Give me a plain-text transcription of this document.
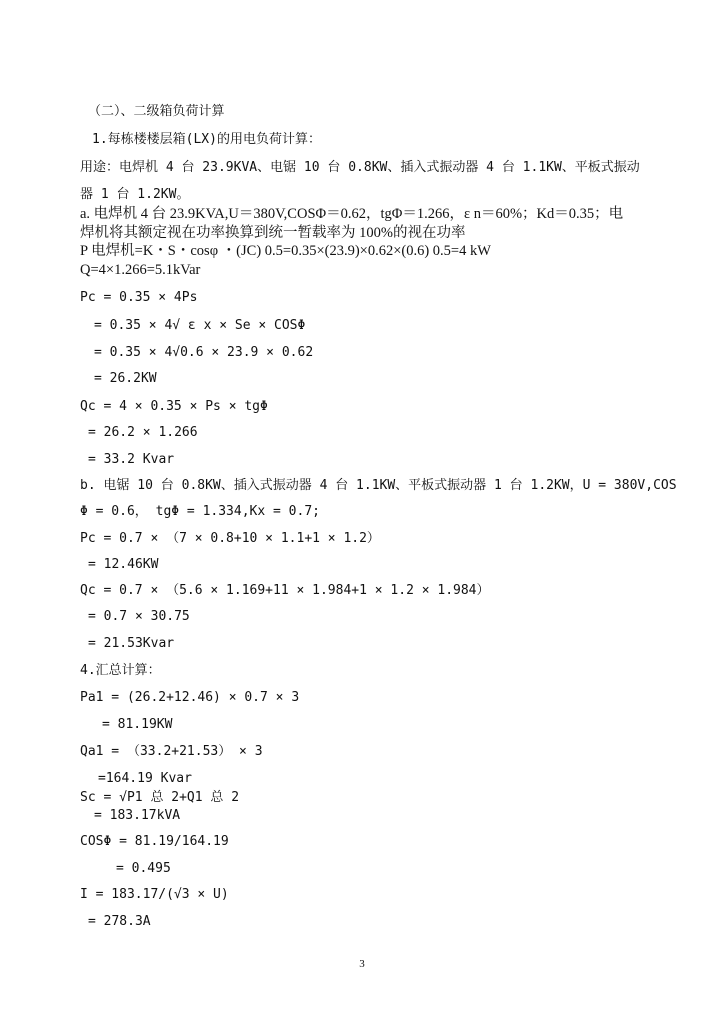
（二）、二级箱负荷计算
1.每栋楼楼层箱(LX)的用电负荷计算：
用途：电焊机 4 台 23.9KVA、电锯 10 台 0.8KW、插入式振动器 4 台 1.1KW、平板式振动
器 1 台 1.2KW。
a. 电焊机 4 台 23.9KVA,U＝380V,COSΦ＝0.62，tgΦ＝1.266，ε n＝60%；Kd＝0.35；电
焊机将其额定视在功率换算到统一暂载率为 100%的视在功率
P 电焊机=K・S・cosφ ・(JC) 0.5=0.35×(23.9)×0.62×(0.6) 0.5=4 kW
Q=4×1.266=5.1kVar
Pc = 0.35 × 4Ps
= 0.35 × 4√ ε x × Se × COSΦ
= 0.35 × 4√0.6 × 23.9 × 0.62
= 26.2KW
Qc = 4 × 0.35 × Ps × tgΦ
= 26.2 × 1.266
= 33.2 Kvar
b. 电锯 10 台 0.8KW、插入式振动器 4 台 1.1KW、平板式振动器 1 台 1.2KW，U = 380V,COS
Φ = 0.6， tgΦ = 1.334,Kx = 0.7;
Pc = 0.7 × （7 × 0.8+10 × 1.1+1 × 1.2）
= 12.46KW
Qc = 0.7 × （5.6 × 1.169+11 × 1.984+1 × 1.2 × 1.984）
= 0.7 × 30.75
= 21.53Kvar
4.汇总计算：
Pa1 = (26.2+12.46) × 0.7 × 3
= 81.19KW
Qa1 = （33.2+21.53） × 3
=164.19 Kvar
Sc = √P1 总 2+Q1 总 2
= 183.17kVA
COSΦ = 81.19/164.19
= 0.495
I = 183.17/(√3 × U)
= 278.3A
3
